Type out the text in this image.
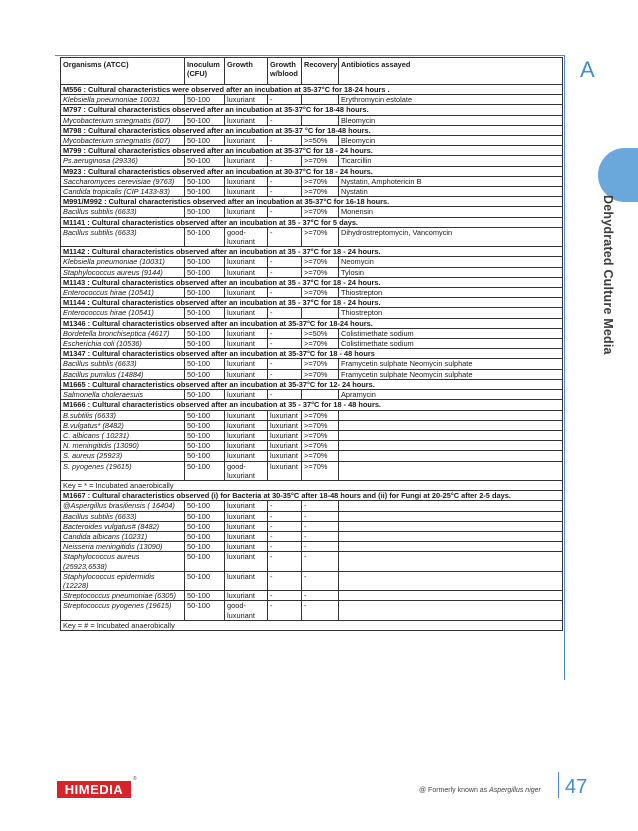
A
Dehydrated Culture Media
Organisms (ATCC)	Inoculum (CFU)	Growth	Growth w/blood	Recovery	Antibiotics assayed
M556 : Cultural characteristics were observed after an incubation at 35-37°C for 18-24 hours .					
Klebsiella pneumoniae 10031	50-100	luxuriant	-		Erythromycin estolate
M797 : Cultural characteristics observed after an incubation at 35-37°C for 18-48 hours.					
Mycobacterium smegmatis (607)	50-100	luxuriant	-		Bleomycin
M798 : Cultural characteristics observed after an incubation at 35-37 °C for 18-48 hours.					
Mycobacterium smegmatis (607)	50-100	luxuriant	-	>=50%	Bleomycin
M799 : Cultural characteristics observed after an incubation at 35-37°C for 18 - 24 hours.					
Ps.aeruginosa (29336)	50-100	luxuriant	-	>=70%	Ticarcillin
M923 : Cultural characteristics observed after an incubation at 30-37°C for 18 - 24 hours.					
Saccharomyces cerevisiae (9763)	50-100	luxuriant	-	>=70%	Nystatin, Amphotericin B
Candida tropicalis (CIP 1433-83)	50-100	luxuriant	-	>=70%	Nystatin
M991/M992 : Cultural characteristics observed after an incubation at 35-37°C for 16-18 hours.					
Bacillus subtilis (6633)	50-100	luxuriant	-	>=70%	Monensin
M1141 : Cultural characteristics observed after an incubation at 35 - 37°C for 5 days.					
Bacillus subtilis (6633)	50-100	good-luxuriant	-	>=70%	Dihydrostreptomycin, Vancomycin
M1142 : Cultural characteristics observed after an incubation at 35 - 37°C for 18 - 24 hours.					
Klebsiella pneumoniae (10031)	50-100	luxuriant	-	>=70%	Neomycin
Staphylococcus aureus (9144)	50-100	luxuriant	-	>=70%	Tylosin
M1143 : Cultural characteristics observed after an incubation at 35 - 37°C for 18 - 24 hours.					
Enterococcus hirae (10541)	50-100	luxuriant	-	>=70%	Thiostrepton
M1144 : Cultural characteristics observed after an incubation at 35 - 37°C for 18 - 24 hours.					
Enterococcus hirae (10541)	50-100	luxuriant	-		Thiostrepton
M1346 : Cultural characteristics observed after an incubation at 35-37°C for 18-24 hours.					
Bordetella bronchiseptica (4617)	50-100	luxuriant	-	>=50%	Colistimethate sodium
Escherichia coli (10536)	50-100	luxuriant	-	>=70%	Colistimethate sodium
M1347 : Cultural characteristics observed after an incubation at 35-37°C for 18 - 48 hours					
Bacillus subtilis (6633)	50-100	luxuriant	-	>=70%	Framycetin sulphate Neomycin sulphate
Bacillus pumilus (14884)	50-100	luxuriant	-	>=70%	Framycetin sulphate Neomycin sulphate
M1665 : Cultural characteristics observed after an incubation at 35-37°C for 12- 24 hours.					
Salmonella choleraesuis	50-100	luxuriant	-		Apramycin
M1666 : Cultural characteristics observed after an incubation at 35 - 37°C for 18 - 48 hours.					
B.subtilis (6633)	50-100	luxuriant	luxuriant	>=70%	
B.vulgatus* (8482)	50-100	luxuriant	luxuriant	>=70%	
C. albicans ( 10231)	50-100	luxuriant	luxuriant	>=70%	
N. meningitidis (13090)	50-100	luxuriant	luxuriant	>=70%	
S. aureus (25923)	50-100	luxuriant	luxuriant	>=70%	
S. pyogenes (19615)	50-100	good-luxuriant	luxuriant	>=70%	
Key = * = Incubated anaerobically					
M1667 : Cultural characteristics observed (i) for Bacteria at 30-35°C after 18-48 hours and (ii) for Fungi at 20-25°C after 2-5 days.					
@Aspergillus brasiliensis ( 16404)	50-100	luxuriant	-	-	
Bacillus subtilis (6633)	50-100	luxuriant	-	-	
Bacteroides vulgatus# (8482)	50-100	luxuriant	-	-	
Candida albicans (10231)	50-100	luxuriant	-	-	
Neisseria meningitidis (13090)	50-100	luxuriant	-	-	
Staphylococcus aureus (25923,6538)	50-100	luxuriant	-	-	
Staphylococcus epidermidis (12228)	50-100	luxuriant	-	-	
Streptococcus pneumoniae (6305)	50-100	luxuriant	-	-	
Streptococcus pyogenes (19615)	50-100	good-luxuriant	-	-	
Key = # = Incubated anaerobically					
HIMEDIA
®
@ Formerly known as Aspergillus niger 47
